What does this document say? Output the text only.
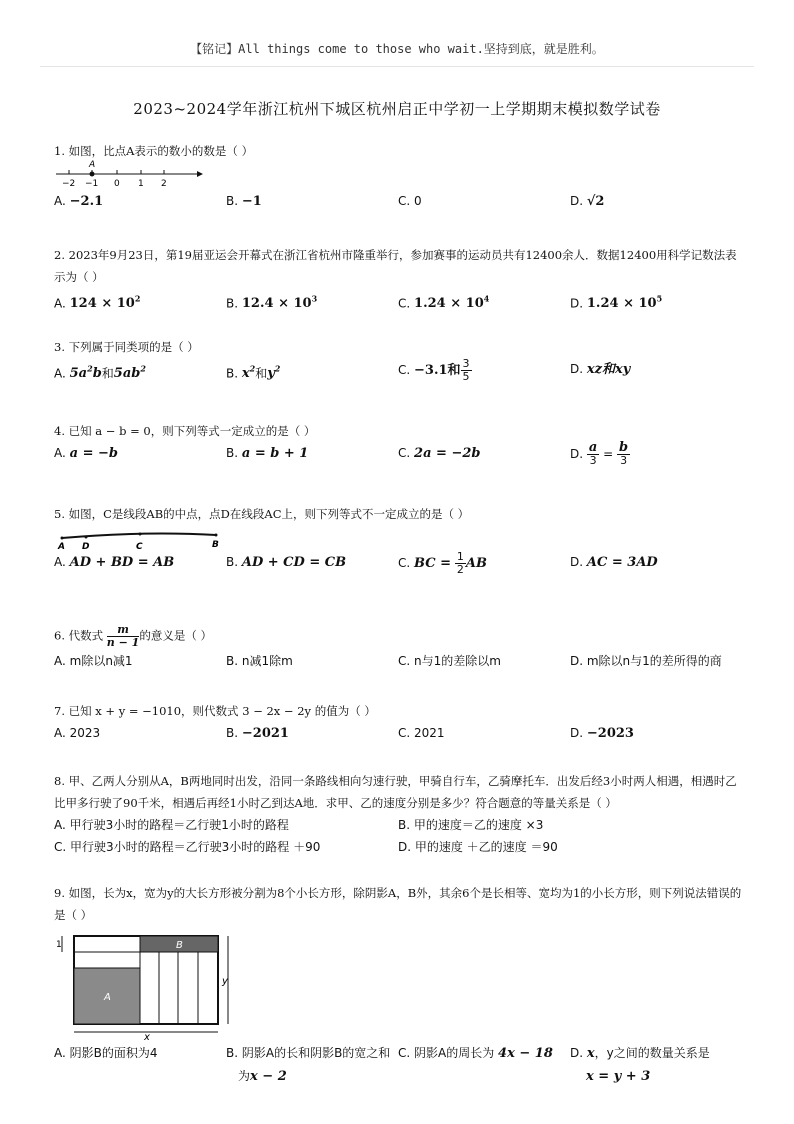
【铭记】All things come to those who wait.坚持到底，就是胜利。
2023~2024学年浙江杭州下城区杭州启正中学初一上学期期末模拟数学试卷
1. 如图，比点A表示的数小的数是（ ）
A
−2 −1 0 1 2
A. −2.1	B. −1	C. 0	D. √2
2. 2023年9月23日，第19届亚运会开幕式在浙江省杭州市隆重举行，参加赛事的运动员共有12400余人．数据12400用科学记数法表示为（ ）
A. $124 \times 10^2$	B. $12.4 \times 10^3$	C. $1.24 \times 10^4$	D. $1.24 \times 10^5$
3. 下列属于同类项的是（ ）
A. $5a^2b$和$5ab^2$	B. $x^2$和$y^2$	C. −3.1和 $\frac{3}{5}$	D. xz和xy
4. 已知 a − b = 0，则下列等式一定成立的是（ ）
A. a = −b	B. a = b + 1	C. 2a = −2b	D. $\frac{a}{3} = \frac{b}{3}$
5. 如图，C是线段AB的中点，点D在线段AC上，则下列等式不一定成立的是（ ）
A D	C	B
A. AD + BD = AB	B. AD + CD = CB	C. BC = $\frac{1}{2}$ AB	D. AC = 3AD
6. 代数式 $\frac{m}{n - 1}$ 的意义是（ ）
A. m除以n减1	B. n减1除m	C. n与1的差除以m	D. m除以n与1的差所得的商
7. 已知 x + y = −1010，则代数式 3 − 2x − 2y 的值为（ ）
A. 2023	B. −2021	C. 2021	D. −2023
8. 甲、乙两人分别从A，B两地同时出发，沿同一条路线相向匀速行驶，甲骑自行车，乙骑摩托车．出发后经3小时两人相遇，相遇时乙比甲多行驶了90千米，相遇后再经1小时乙到达A地．求甲、乙的速度分别是多少？符合题意的等量关系是（ ）
A. 甲行驶3小时的路程＝乙行驶1小时的路程	B. 甲的速度＝乙的速度 ×3
C. 甲行驶3小时的路程＝乙行驶3小时的路程 ＋90	D. 甲的速度 ＋乙的速度 ＝90
9. 如图，长为x，宽为y的大长方形被分割为8个小长方形，除阴影A，B外，其余6个是长相等、宽均为1的小长方形，则下列说法错误的是（ ）
1	B
A
y
x
A. 阴影B的面积为4	B. 阴影A的长和阴影B的宽之和
为x − 2
C. 阴影A的周长为 4x − 18 D. x，y之间的数量关系是
x = y + 3
